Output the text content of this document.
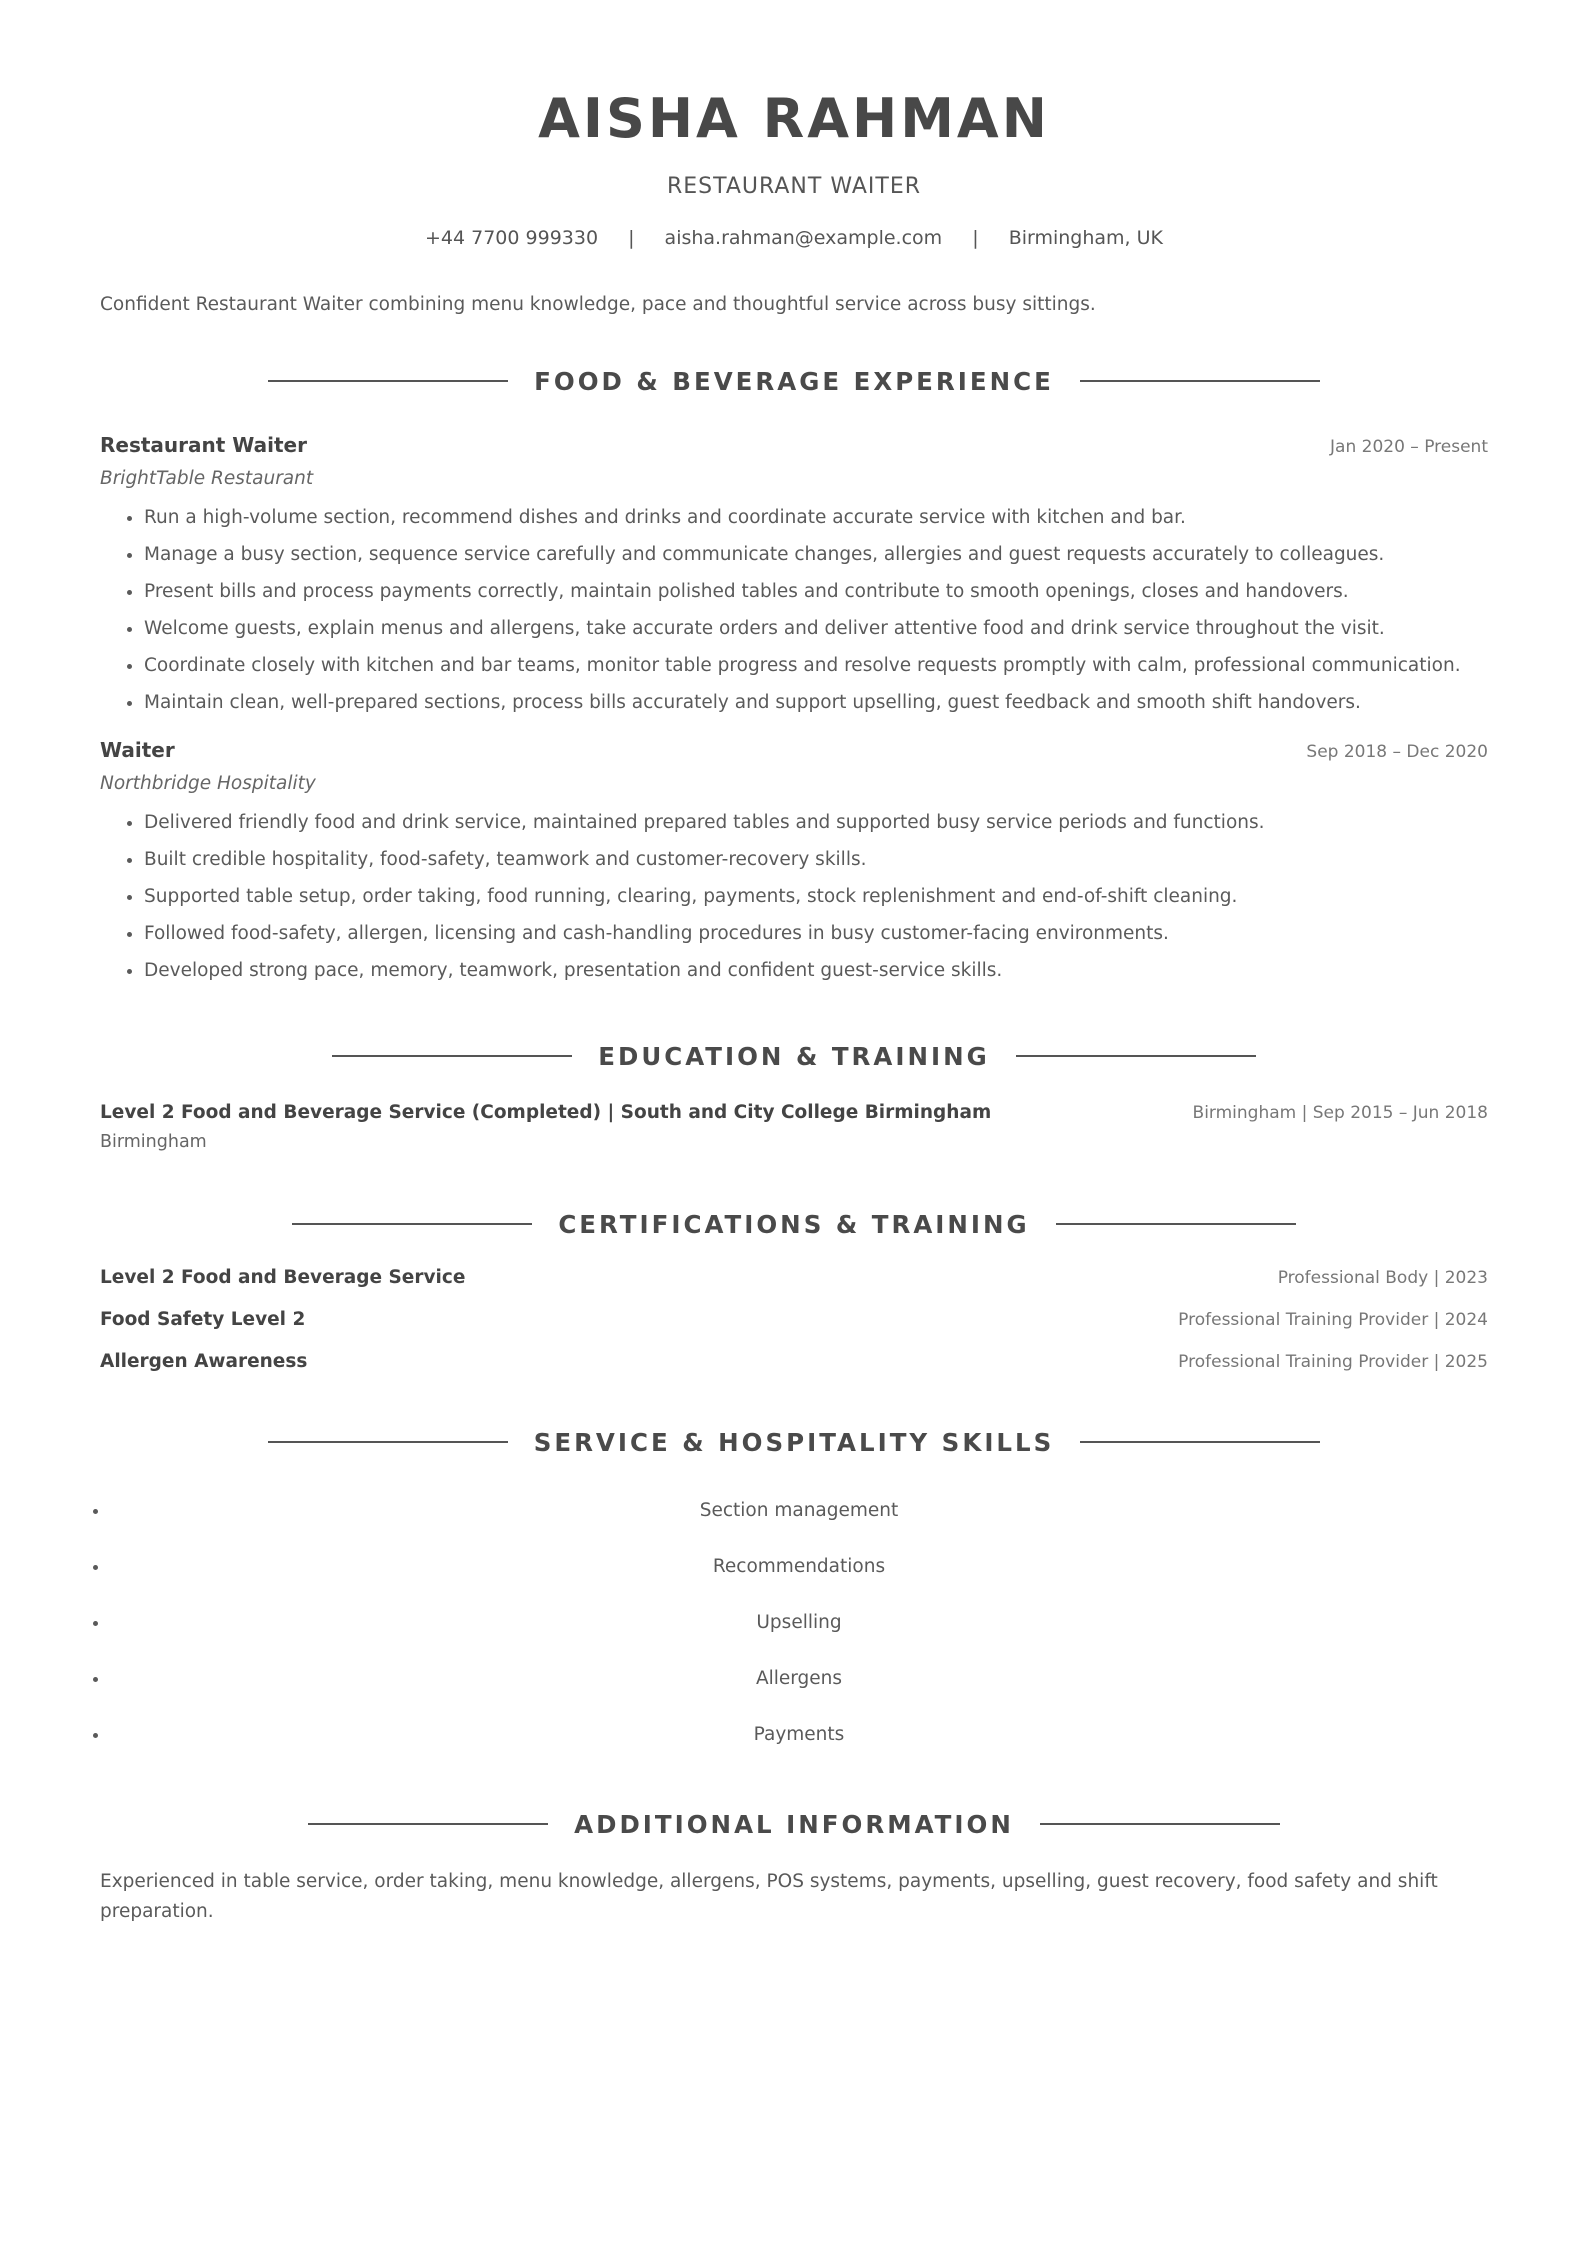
AISHA RAHMAN
RESTAURANT WAITER
+44 7700 999330 | aisha.rahman@example.com | Birmingham, UK
Confident Restaurant Waiter combining menu knowledge, pace and thoughtful service across busy sittings.
FOOD & BEVERAGE EXPERIENCE
Restaurant Waiter	Jan 2020 – Present
BrightTable Restaurant
• Run a high-volume section, recommend dishes and drinks and coordinate accurate service with kitchen and bar.
• Manage a busy section, sequence service carefully and communicate changes, allergies and guest requests accurately to colleagues.
• Present bills and process payments correctly, maintain polished tables and contribute to smooth openings, closes and handovers.
• Welcome guests, explain menus and allergens, take accurate orders and deliver attentive food and drink service throughout the visit.
• Coordinate closely with kitchen and bar teams, monitor table progress and resolve requests promptly with calm, professional communication.
• Maintain clean, well-prepared sections, process bills accurately and support upselling, guest feedback and smooth shift handovers.
Waiter	Sep 2018 – Dec 2020
Northbridge Hospitality
• Delivered friendly food and drink service, maintained prepared tables and supported busy service periods and functions.
• Built credible hospitality, food-safety, teamwork and customer-recovery skills.
• Supported table setup, order taking, food running, clearing, payments, stock replenishment and end-of-shift cleaning.
• Followed food-safety, allergen, licensing and cash-handling procedures in busy customer-facing environments.
• Developed strong pace, memory, teamwork, presentation and confident guest-service skills.
EDUCATION & TRAINING
Level 2 Food and Beverage Service (Completed) | South and City College Birmingham	Birmingham | Sep 2015 – Jun 2018
Birmingham
CERTIFICATIONS & TRAINING
Level 2 Food and Beverage Service	Professional Body | 2023
Food Safety Level 2	Professional Training Provider | 2024
Allergen Awareness	Professional Training Provider | 2025
SERVICE & HOSPITALITY SKILLS
• Section management
• Recommendations
• Upselling
• Allergens
• Payments
ADDITIONAL INFORMATION
Experienced in table service, order taking, menu knowledge, allergens, POS systems, payments, upselling, guest recovery, food safety and shift preparation.
